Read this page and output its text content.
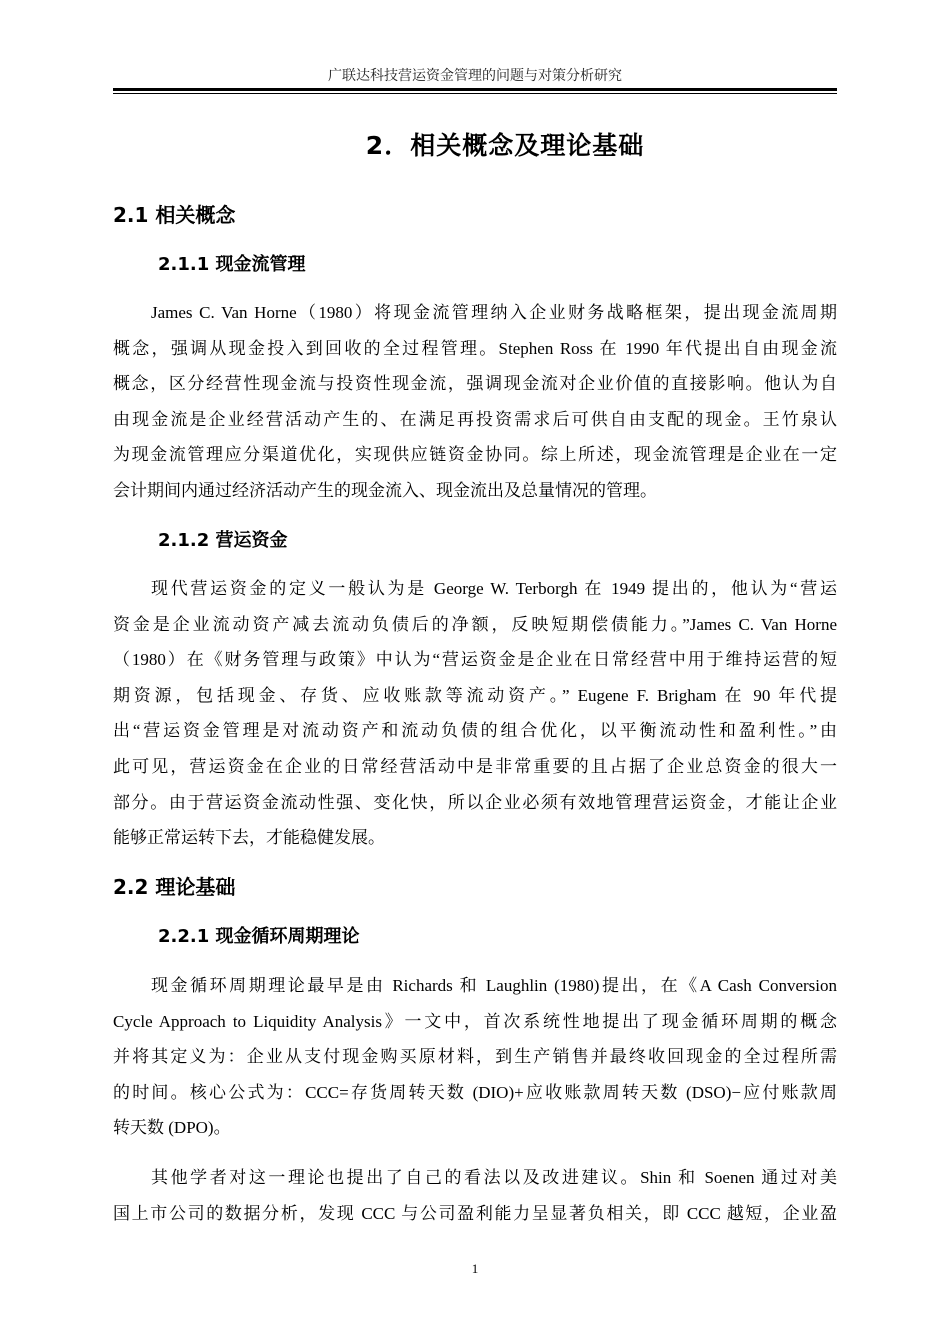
广联达科技营运资金管理的问题与对策分析研究
2．相关概念及理论基础
2.1 相关概念
2.1.1 现金流管理
James C. Van Horne（1980）将现金流管理纳入企业财务战略框架，提出现金流周期
概念，强调从现金投入到回收的全过程管理。Stephen Ross 在 1990 年代提出自由现金流
概念，区分经营性现金流与投资性现金流，强调现金流对企业价值的直接影响。他认为自
由现金流是企业经营活动产生的、在满足再投资需求后可供自由支配的现金。王竹泉认
为现金流管理应分渠道优化，实现供应链资金协同。综上所述，现金流管理是企业在一定
会计期间内通过经济活动产生的现金流入、现金流出及总量情况的管理。
2.1.2 营运资金
现代营运资金的定义一般认为是 George W. Terborgh 在 1949 提出的，他认为“营运
资金是企业流动资产减去流动负债后的净额，反映短期偿债能力。”James C. Van Horne
（1980）在《财务管理与政策》中认为“营运资金是企业在日常经营中用于维持运营的短
期资源，包括现金、存货、应收账款等流动资产。” Eugene F. Brigham 在 90 年代提
出“营运资金管理是对流动资产和流动负债的组合优化，以平衡流动性和盈利性。”由
此可见，营运资金在企业的日常经营活动中是非常重要的且占据了企业总资金的很大一
部分。由于营运资金流动性强、变化快，所以企业必须有效地管理营运资金，才能让企业
能够正常运转下去，才能稳健发展。
2.2 理论基础
2.2.1 现金循环周期理论
现金循环周期理论最早是由 Richards 和 Laughlin (1980)提出，在《A Cash Conversion
Cycle Approach to Liquidity Analysis》一文中，首次系统性地提出了现金循环周期的概念
并将其定义为：企业从支付现金购买原材料，到生产销售并最终收回现金的全过程所需
的时间。核心公式为：CCC=存货周转天数 (DIO)+应收账款周转天数 (DSO)−应付账款周
转天数 (DPO)。
其他学者对这一理论也提出了自己的看法以及改进建议。Shin 和 Soenen 通过对美
国上市公司的数据分析，发现 CCC 与公司盈利能力呈显著负相关，即 CCC 越短，企业盈
1
